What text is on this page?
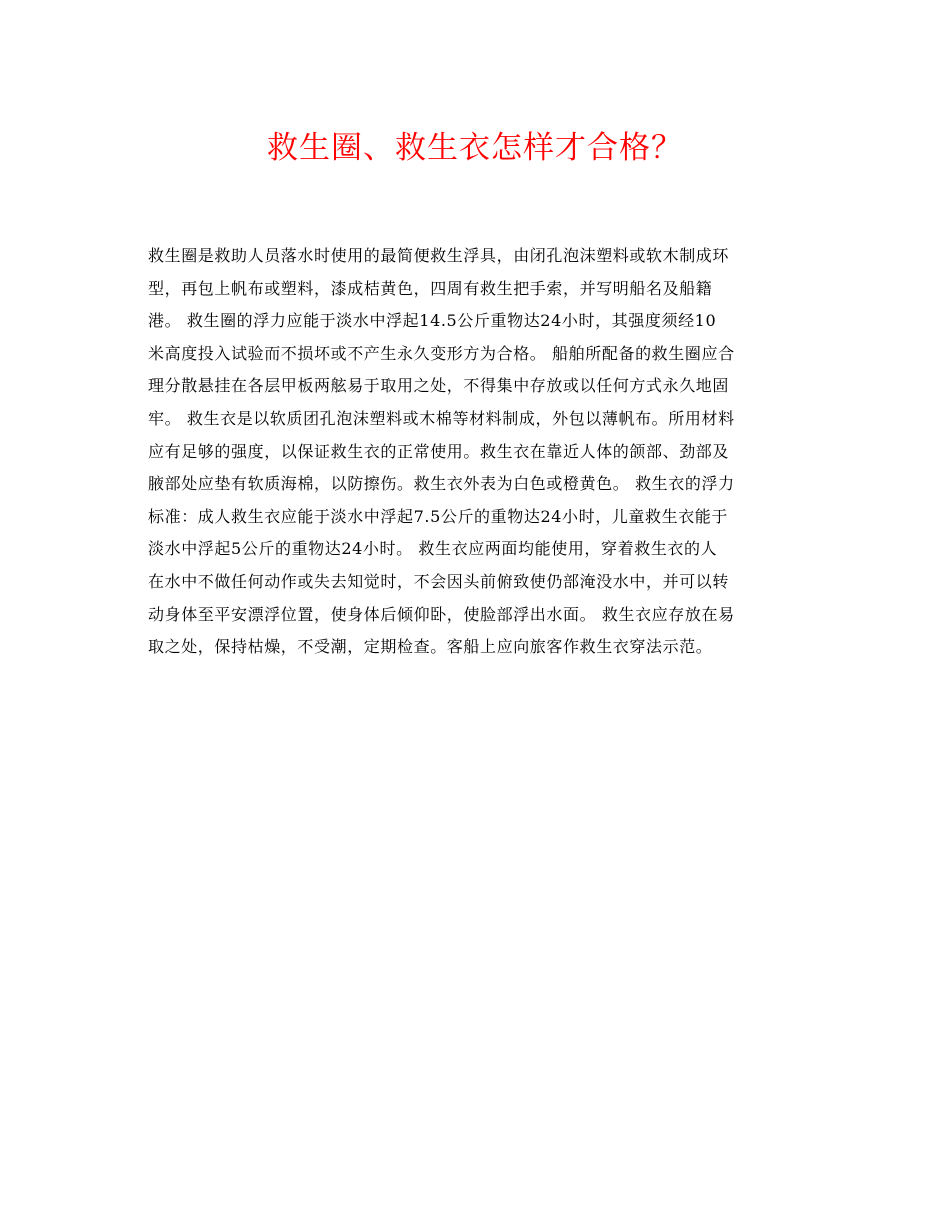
救生圈、救生衣怎样才合格？
救生圈是救助人员落水时使用的最简便救生浮具，由闭孔泡沫塑料或软木制成环
型，再包上帆布或塑料，漆成桔黄色，四周有救生把手索，并写明船名及船籍
港。 救生圈的浮力应能于淡水中浮起14.5公斤重物达24小时，其强度须经10
米高度投入试验而不损坏或不产生永久变形方为合格。 船舶所配备的救生圈应合
理分散悬挂在各层甲板两舷易于取用之处，不得集中存放或以任何方式永久地固
牢。 救生衣是以软质团孔泡沫塑料或木棉等材料制成，外包以薄帆布。所用材料
应有足够的强度，以保证救生衣的正常使用。救生衣在靠近人体的颌部、劲部及
腋部处应垫有软质海棉，以防擦伤。救生衣外表为白色或橙黄色。 救生衣的浮力
标准：成人救生衣应能于淡水中浮起7.5公斤的重物达24小时，儿童救生衣能于
淡水中浮起5公斤的重物达24小时。 救生衣应两面均能使用，穿着救生衣的人
在水中不做任何动作或失去知觉时，不会因头前俯致使仍部淹没水中，并可以转
动身体至平安漂浮位置，使身体后倾仰卧，使脸部浮出水面。 救生衣应存放在易
取之处，保持枯燥，不受潮，定期检查。客船上应向旅客作救生衣穿法示范。
